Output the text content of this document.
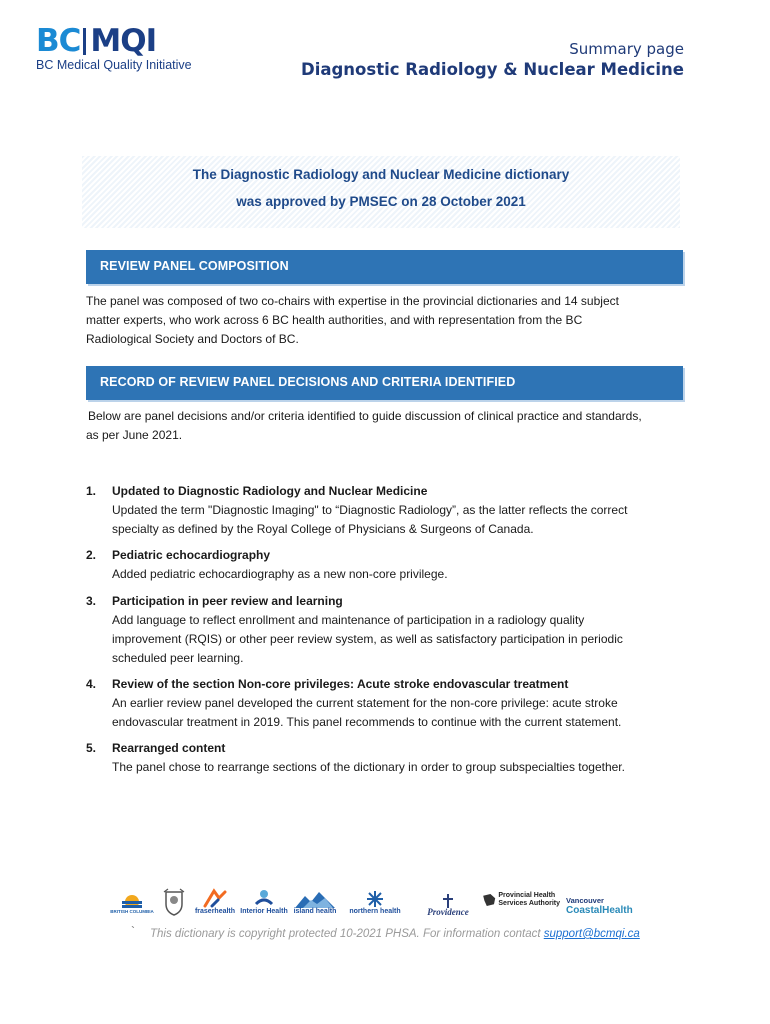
BC MQI
BC Medical Quality Initiative
Summary page
Diagnostic Radiology & Nuclear Medicine
The Diagnostic Radiology and Nuclear Medicine dictionary
was approved by PMSEC on 28 October 2021
REVIEW PANEL COMPOSITION
The panel was composed of two co-chairs with expertise in the provincial dictionaries and 14 subject
matter experts, who work across 6 BC health authorities, and with representation from the BC
Radiological Society and Doctors of BC.
RECORD OF REVIEW PANEL DECISIONS AND CRITERIA IDENTIFIED
Below are panel decisions and/or criteria identified to guide discussion of clinical practice and standards,
as per June 2021.
1. Updated to Diagnostic Radiology and Nuclear Medicine
Updated the term "Diagnostic Imaging" to “Diagnostic Radiology”, as the latter reflects the correct
specialty as defined by the Royal College of Physicians & Surgeons of Canada.
2. Pediatric echocardiography
Added pediatric echocardiography as a new non-core privilege.
3. Participation in peer review and learning
Add language to reflect enrollment and maintenance of participation in a radiology quality
improvement (RQIS) or other peer review system, as well as satisfactory participation in periodic
scheduled peer learning.
4. Review of the section Non-core privileges: Acute stroke endovascular treatment
An earlier review panel developed the current statement for the non-core privilege: acute stroke
endovascular treatment in 2019. This panel recommends to continue with the current statement.
5. Rearranged content
The panel chose to rearrange sections of the dictionary in order to group subspecialties together.
BRITISH COLUMBIA	fraserhealth Interior Health island health northern health	Providence
Provincial Health
Services Authority Vancouver
CoastalHealth
` This dictionary is copyright protected 10-2021 PHSA. For information contact support@bcmqi.ca
